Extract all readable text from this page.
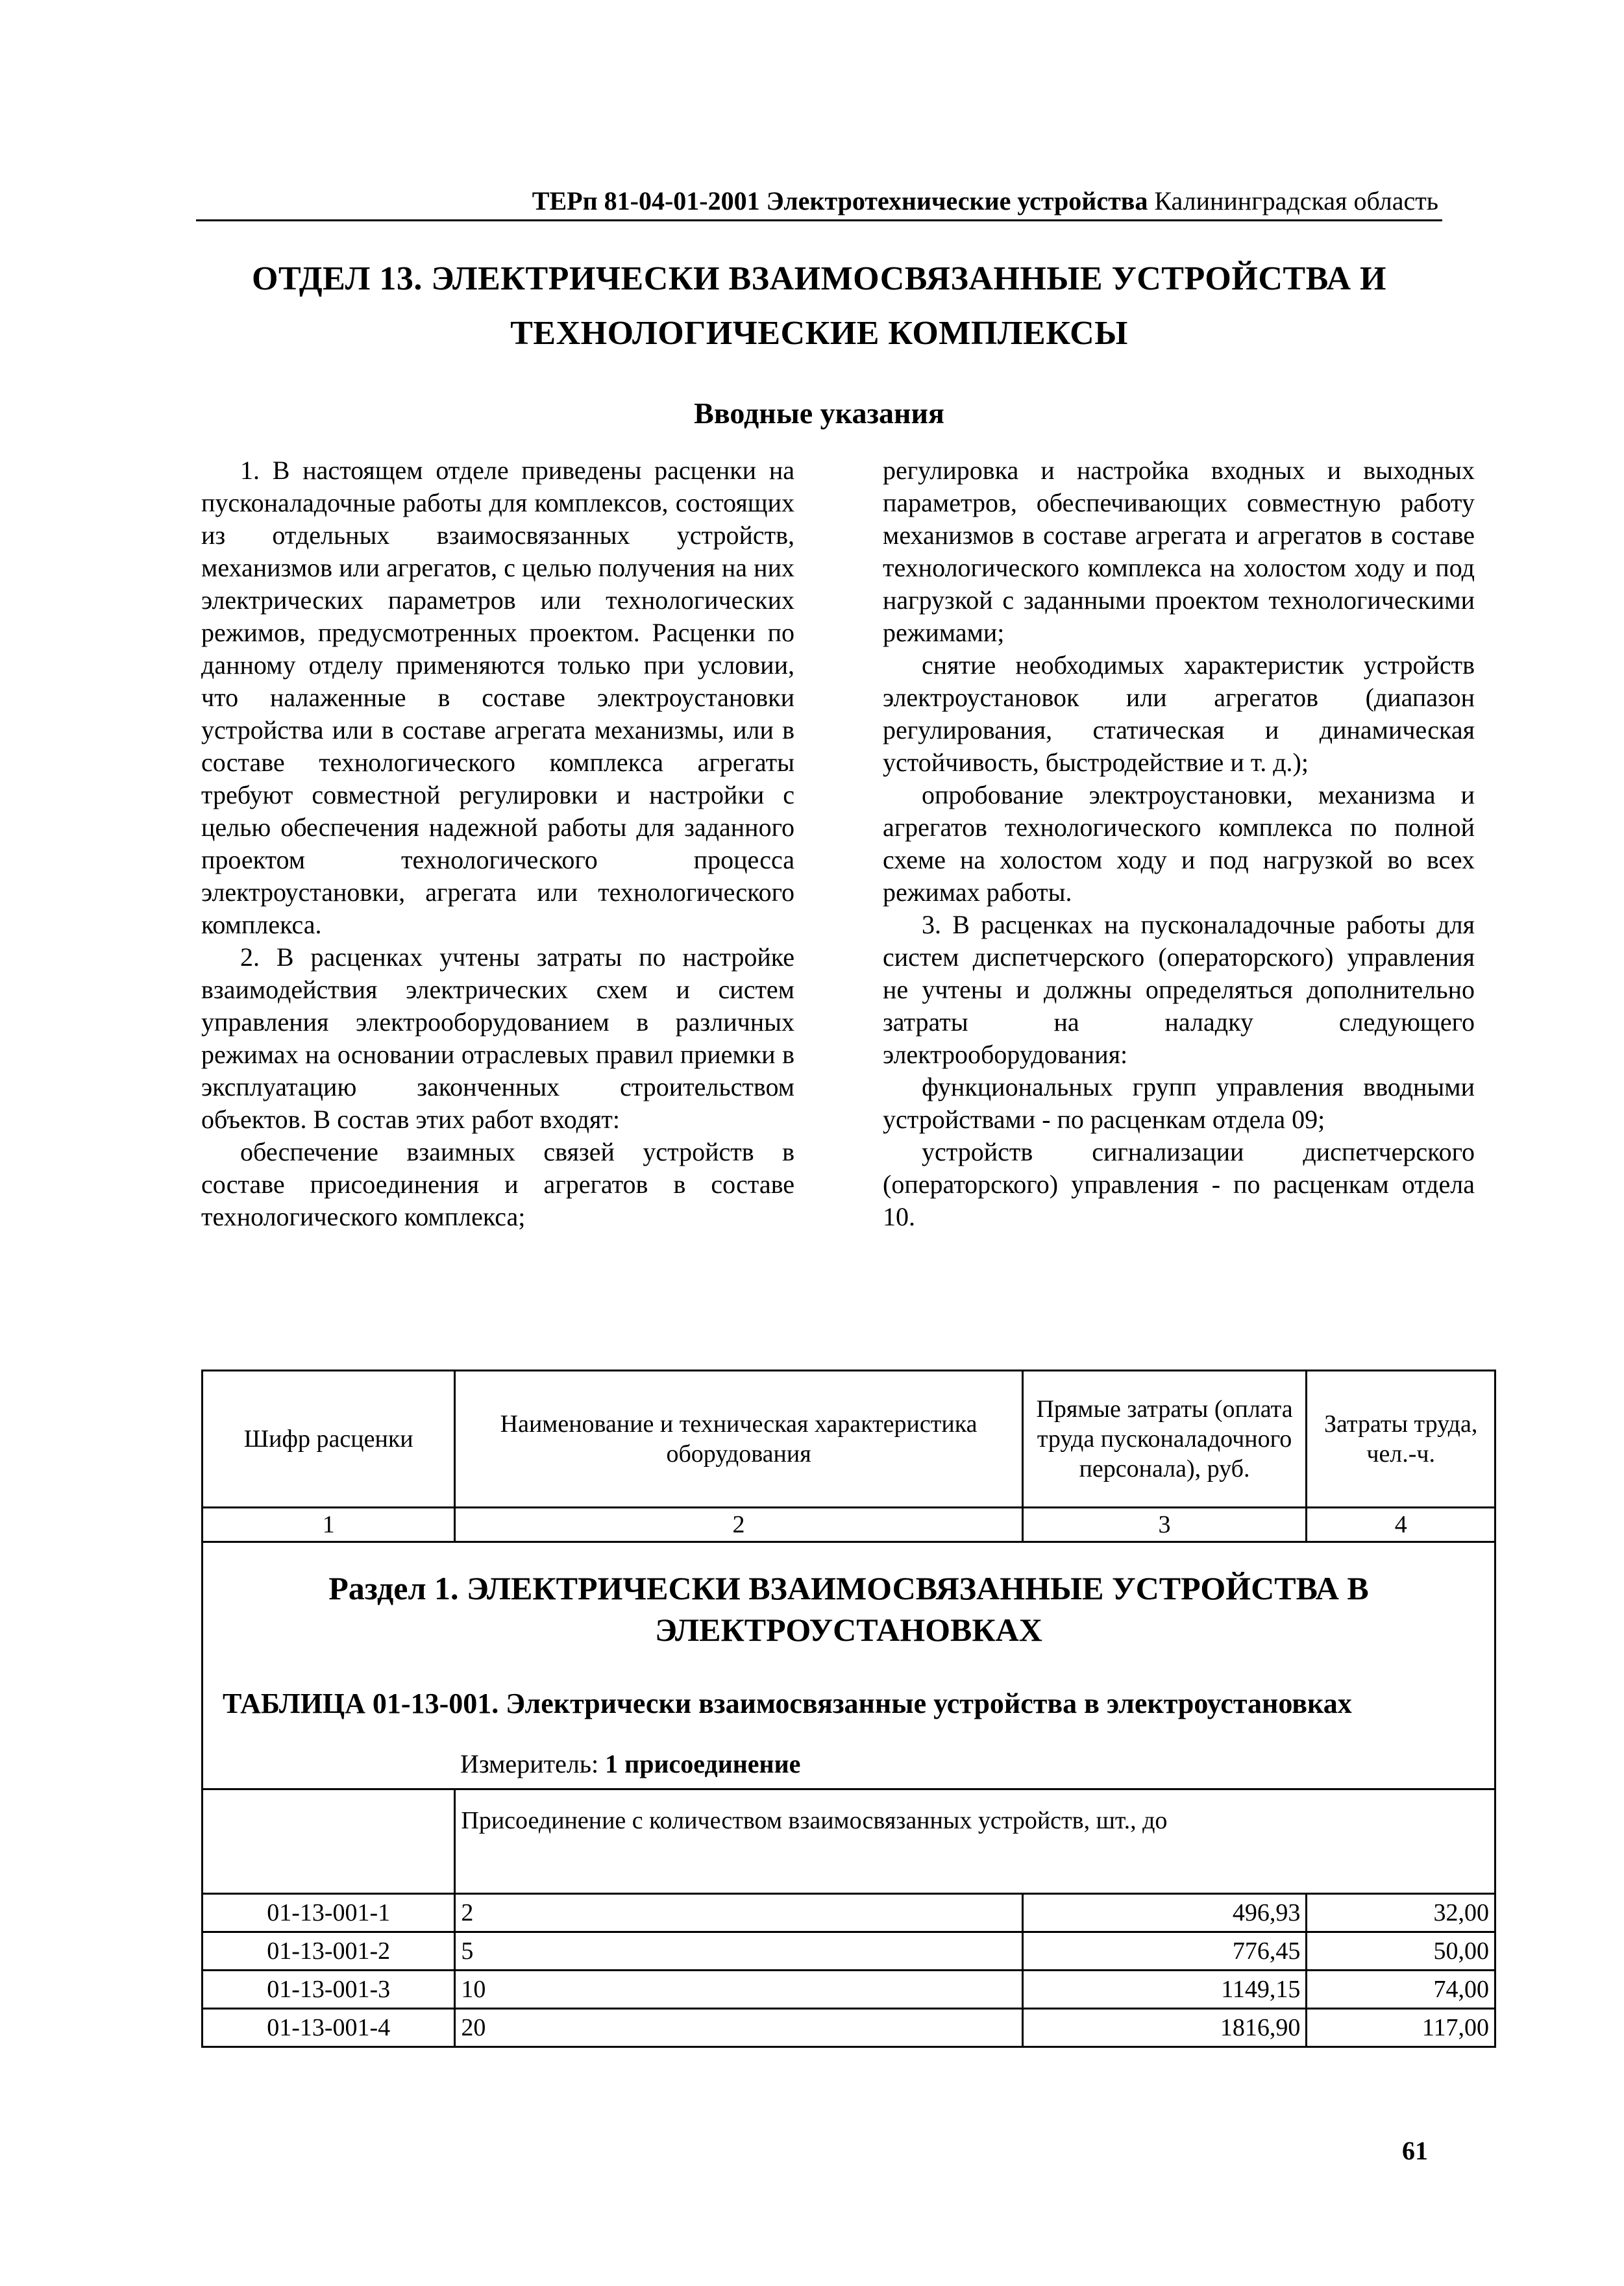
ТЕРп 81-04-01-2001 Электротехнические устройства Калининградская область
ОТДЕЛ 13. ЭЛЕКТРИЧЕСКИ ВЗАИМОСВЯЗАННЫЕ УСТРОЙСТВА И
ТЕХНОЛОГИЧЕСКИЕ КОМПЛЕКСЫ
Вводные указания

1. В настоящем отделе приведены расценки на пусконаладочные работы для комплексов, состоящих из отдельных взаимосвязанных устройств, механизмов или агрегатов, с целью получения на них электрических параметров или технологических режимов, предусмотренных проектом. Расценки по данному отделу применяются только при условии, что налаженные в составе электроустановки устройства или в составе агрегата механизмы, или в составе технологического комплекса агрегаты требуют совместной регулировки и настройки с целью обеспечения надежной работы для заданного проектом технологического процесса электроустановки, агрегата или технологического комплекса.

2. В расценках учтены затраты по настройке взаимодействия электрических схем и систем управления электрооборудованием в различных режимах на основании отраслевых правил приемки в эксплуатацию законченных строительством объектов. В состав этих работ входят:

обеспечение взаимных связей устройств в составе присоединения и агрегатов в составе технологического комплекса;

регулировка и настройка входных и выходных параметров, обеспечивающих совместную работу механизмов в составе агрегата и агрегатов в составе технологического комплекса на холостом ходу и под нагрузкой с заданными проектом технологическими режимами;

снятие необходимых характеристик устройств электроустановок или агрегатов (диапазон регулирования, статическая и динамическая устойчивость, быстродействие и т. д.);

опробование электроустановки, механизма и агрегатов технологического комплекса по полной схеме на холостом ходу и под нагрузкой во всех режимах работы.

3. В расценках на пусконаладочные работы для систем диспетчерского (операторского) управления не учтены и должны определяться дополнительно затраты на наладку следующего электрооборудования:

функциональных групп управления вводными устройствами - по расценкам отдела 09;

устройств сигнализации диспетчерского (операторского) управления - по расценкам отдела 10.

Шифр расценки	Наименование и техническая характеристика оборудования	Прямые затраты (оплата труда пусконаладочного персонала), руб.	Затраты труда, чел.-ч.
1	2	3	4

Раздел 1. ЭЛЕКТРИЧЕСКИ ВЗАИМОСВЯЗАННЫЕ УСТРОЙСТВА В ЭЛЕКТРОУСТАНОВКАХ
ТАБЛИЦА 01-13-001. Электрически взаимосвязанные устройства в электроустановках
Измеритель: 1 присоединение			

	Присоединение с количеством взаимосвязанных устройств, шт., до		
01-13-001-1	2	496,93	32,00
01-13-001-2	5	776,45	50,00
01-13-001-3	10	1149,15	74,00
01-13-001-4	20	1816,90	117,00
61
